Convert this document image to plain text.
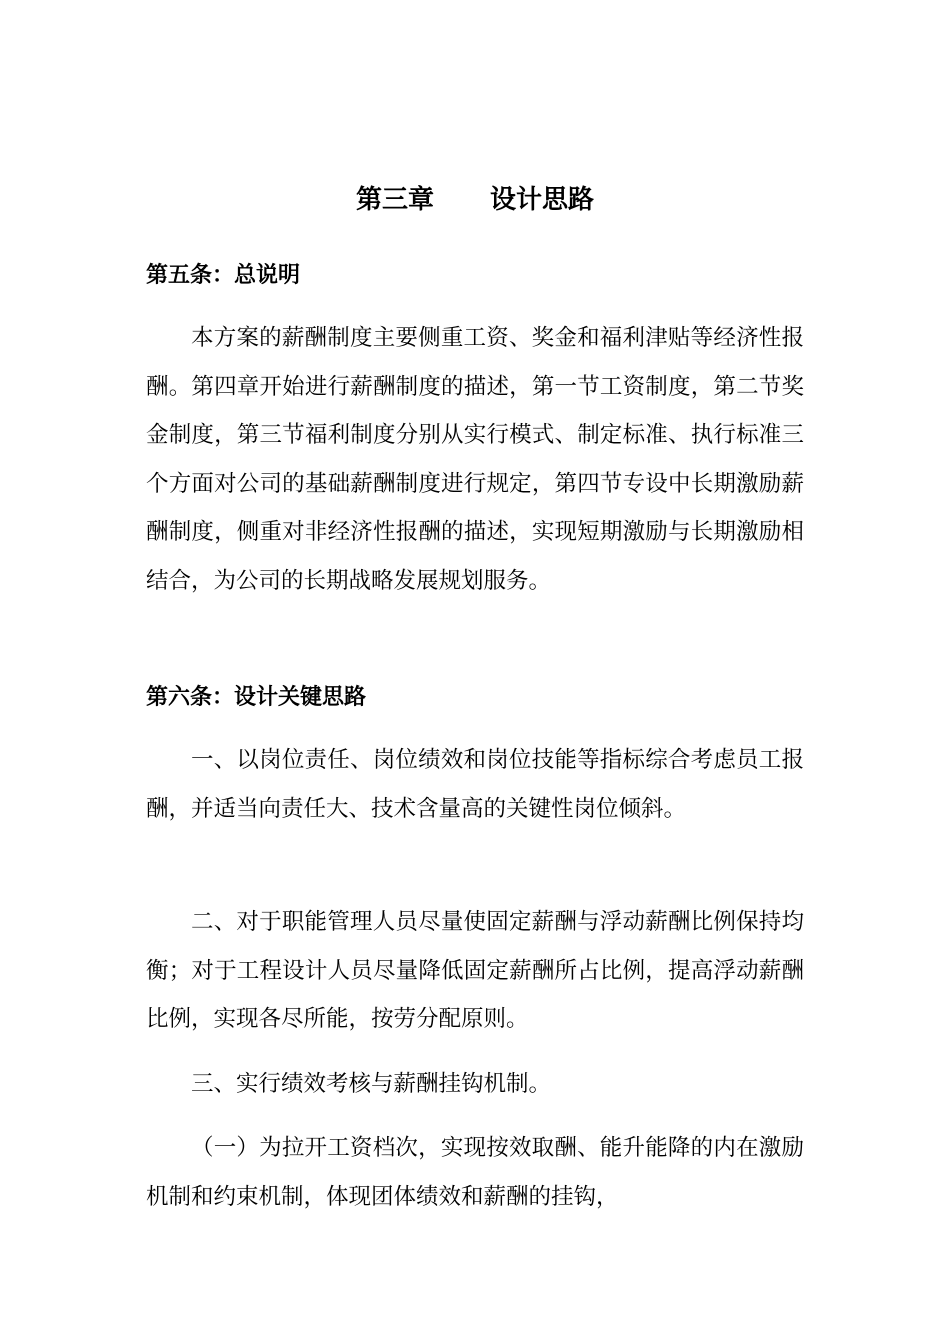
第三章 设计思路
第五条：总说明

本方案的薪酬制度主要侧重工资、奖金和福利津贴等经济性报酬。第四章开始进行薪酬制度的描述，第一节工资制度，第二节奖金制度，第三节福利制度分别从实行模式、制定标准、执行标准三个方面对公司的基础薪酬制度进行规定，第四节专设中长期激励薪酬制度，侧重对非经济性报酬的描述，实现短期激励与长期激励相结合，为公司的长期战略发展规划服务。

第六条：设计关键思路

一、以岗位责任、岗位绩效和岗位技能等指标综合考虑员工报酬，并适当向责任大、技术含量高的关键性岗位倾斜。

二、对于职能管理人员尽量使固定薪酬与浮动薪酬比例保持均衡；对于工程设计人员尽量降低固定薪酬所占比例，提高浮动薪酬比例，实现各尽所能，按劳分配原则。

三、实行绩效考核与薪酬挂钩机制。

（一）为拉开工资档次，实现按效取酬、能升能降的内在激励机制和约束机制，体现团体绩效和薪酬的挂钩，
